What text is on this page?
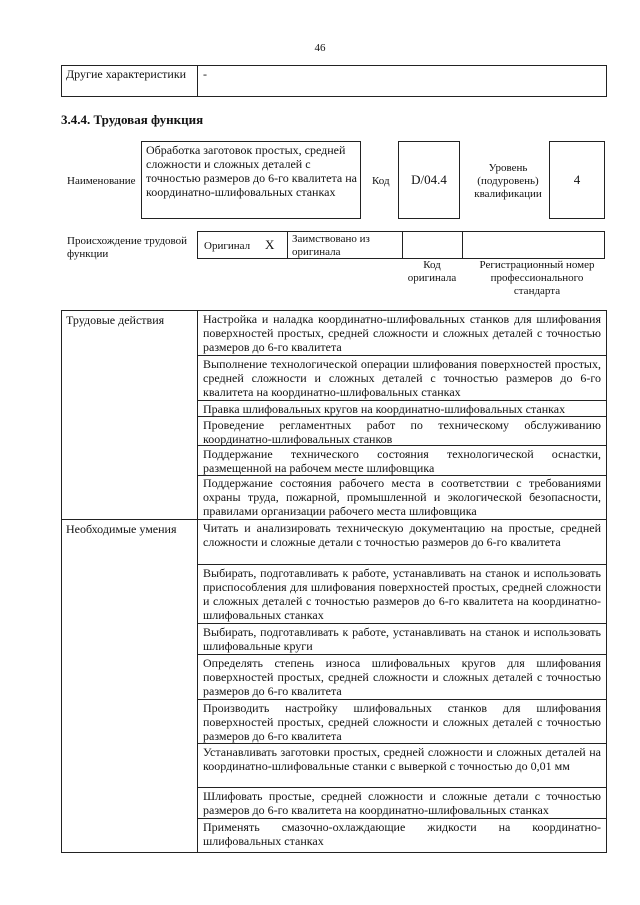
46
Другие характеристики	-
3.4.4. Трудовая функция
Наименование
Обработка заготовок простых, средней сложности и сложных деталей с точностью размеров до 6-го квалитета на координатно-шлифовальных станках
Код	D/04.4
Уровень (подуровень) квалификации
4
Происхождение трудовой функции
Оригинал X Заимствовано из оригинала
Код оригинала
Регистрационный номер профессионального стандарта
Трудовые действия
Необходимые умения
Настройка и наладка координатно-шлифовальных станков для шлифования поверхностей простых, средней сложности и сложных деталей с точностью размеров до 6-го квалитета
Выполнение технологической операции шлифования поверхностей простых, средней сложности и сложных деталей с точностью размеров до 6-го квалитета на координатно-шлифовальных станках
Правка шлифовальных кругов на координатно-шлифовальных станках
Проведение регламентных работ по техническому обслуживанию координатно-шлифовальных станков
Поддержание технического состояния технологической оснастки, размещенной на рабочем месте шлифовщика
Поддержание состояния рабочего места в соответствии с требованиями охраны труда, пожарной, промышленной и экологической безопасности, правилами организации рабочего места шлифовщика
Читать и анализировать техническую документацию на простые, средней сложности и сложные детали с точностью размеров до 6-го квалитета
Выбирать, подготавливать к работе, устанавливать на станок и использовать приспособления для шлифования поверхностей простых, средней сложности и сложных деталей с точностью размеров до 6-го квалитета на координатно-шлифовальных станках
Выбирать, подготавливать к работе, устанавливать на станок и использовать шлифовальные круги
Определять степень износа шлифовальных кругов для шлифования поверхностей простых, средней сложности и сложных деталей с точностью размеров до 6-го квалитета
Производить настройку шлифовальных станков для шлифования поверхностей простых, средней сложности и сложных деталей с точностью размеров до 6-го квалитета
Устанавливать заготовки простых, средней сложности и сложных деталей на координатно-шлифовальные станки с выверкой с точностью до 0,01 мм
Шлифовать простые, средней сложности и сложные детали с точностью размеров до 6-го квалитета на координатно-шлифовальных станках
Применять смазочно-охлаждающие жидкости на координатно-шлифовальных станках
